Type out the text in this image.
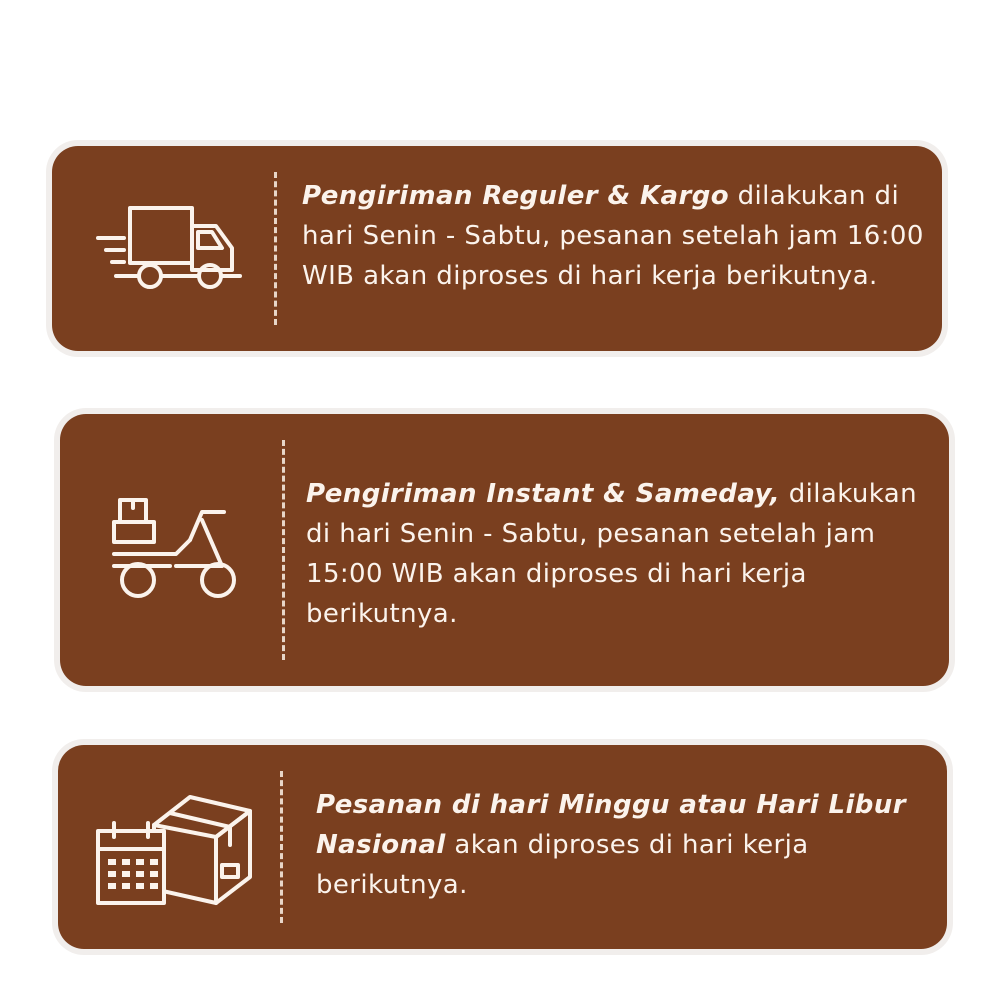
Pengiriman Reguler & Kargo dilakukan di hari Senin - Sabtu, pesanan setelah jam 16:00 WIB akan diproses di hari kerja berikutnya.

Pengiriman Instant & Sameday, dilakukan di hari Senin - Sabtu, pesanan setelah jam 15:00 WIB akan diproses di hari kerja berikutnya.

Pesanan di hari Minggu atau Hari Libur Nasional akan diproses di hari kerja berikutnya.
